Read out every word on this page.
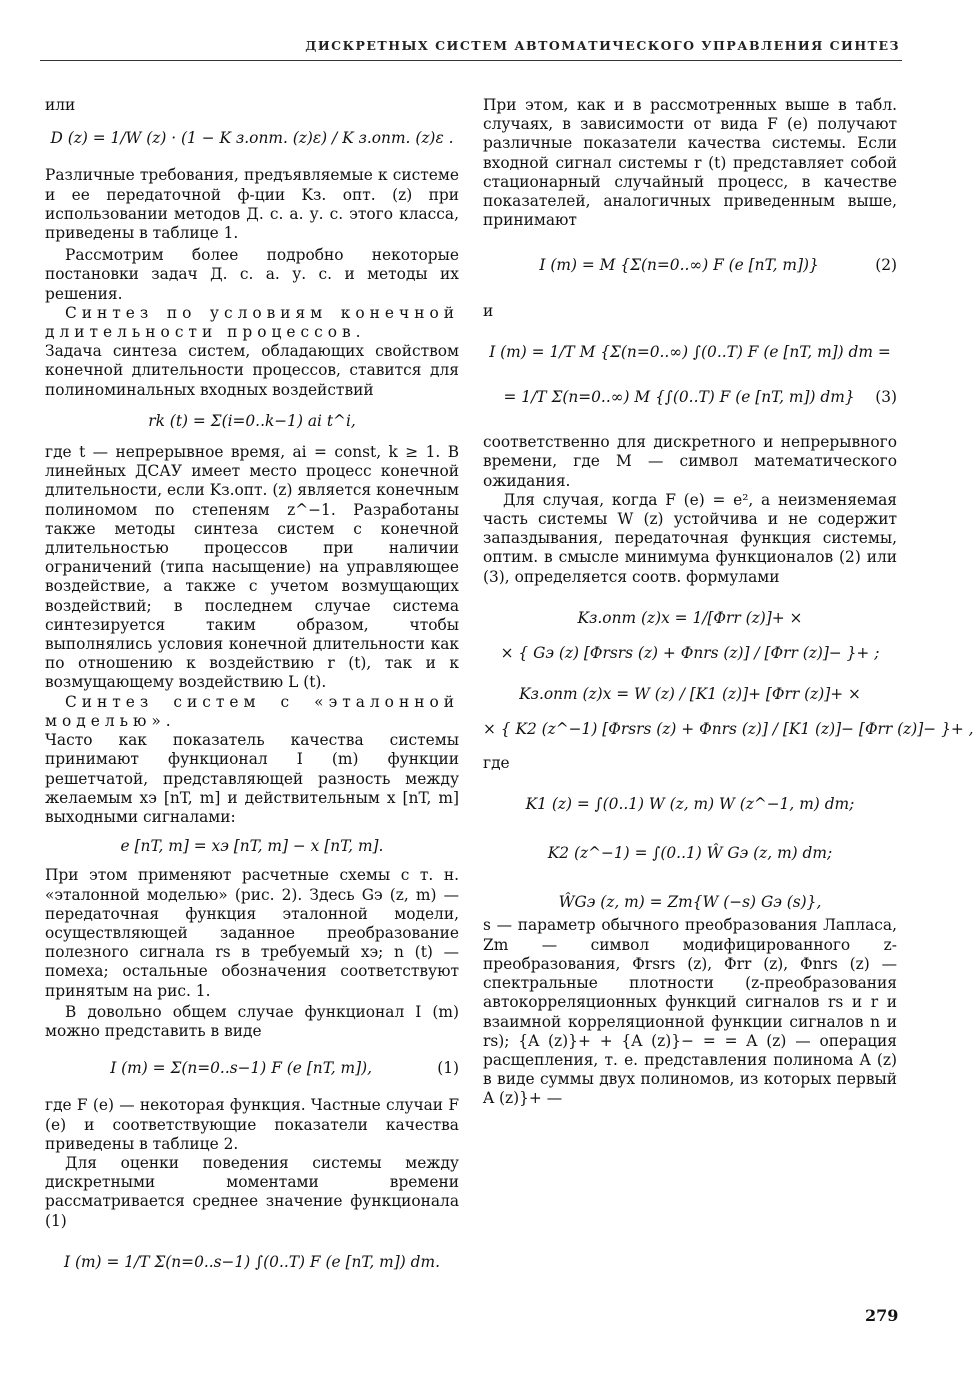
ДИСКРЕТНЫХ СИСТЕМ АВТОМАТИЧЕСКОГО УПРАВЛЕНИЯ СИНТЕЗ

или

D (z) = 1/W (z) · (1 − K з.опт. (z)ε) / K з.опт. (z)ε .

Различные требования, предъявляемые к системе и ее передаточной ф-ции Kз. опт. (z) при использовании методов Д. с. а. у. с. этого класса, приведены в таблице 1.

Рассмотрим более подробно некоторые постановки задач Д. с. а. у. с. и методы их решения.

Синтез по условиям конечной длительности процессов.

Задача синтеза систем, обладающих свойством конечной длительности процессов, ставится для полиноминальных входных воздействий

rk (t) = Σ(i=0..k−1) ai t^i,

где t — непрерывное время, ai = const, k ≥ 1. В линейных ДСАУ имеет место процесс конечной длительности, если Kз.опт. (z) является конечным полиномом по степеням z^−1. Разработаны также методы синтеза систем с конечной длительностью процессов при наличии ограничений (типа насыщение) на управляющее воздействие, а также с учетом возмущающих воздействий; в последнем случае система синтезируется таким образом, чтобы выполнялись условия конечной длительности как по отношению к воздействию r (t), так и к возмущающему воздействию L (t).

Синтез систем с «эталонной моделью».

Часто как показатель качества системы принимают функционал I (m) функции решетчатой, представляющей разность между желаемым xэ [nT, m] и действительным x [nT, m] выходными сигналами:

e [nT, m] = xэ [nT, m] − x [nT, m].

При этом применяют расчетные схемы с т. н. «эталонной моделью» (рис. 2). Здесь Gэ (z, m) — передаточная функция эталонной модели, осуществляющей заданное преобразование полезного сигнала rs в требуемый xэ; n (t) — помеха; остальные обозначения соответствуют принятым на рис. 1.

В довольно общем случае функционал I (m) можно представить в виде

I (m) = Σ(n=0..s−1) F (e [nT, m]),	(1)

где F (e) — некоторая функция. Частные случаи F (e) и соответствующие показатели качества приведены в таблице 2.

Для оценки поведения системы между дискретными моментами времени рассматривается среднее значение функционала (1)

I (m) = 1/T Σ(n=0..s−1) ∫(0..T) F (e [nT, m]) dm.

При этом, как и в рассмотренных выше в табл. случаях, в зависимости от вида F (e) получают различные показатели качества системы. Если входной сигнал системы r (t) представляет собой стационарный случайный процесс, в качестве показателей, аналогичных приведенным выше, принимают

I (m) = M {Σ(n=0..∞) F (e [nT, m])}	(2)

и

I (m) = 1/T M {Σ(n=0..∞) ∫(0..T) F (e [nT, m]) dm =
= 1/T Σ(n=0..∞) M {∫(0..T) F (e [nT, m]) dm} (3)

соответственно для дискретного и непрерывного времени, где M — символ математического ожидания.

Для случая, когда F (e) = e², а неизменяемая часть системы W (z) устойчива и не содержит запаздывания, передаточная функция системы, оптим. в смысле минимума функционалов (2) или (3), определяется соотв. формулами

Kз.опт (z)x = 1/[Φrr (z)]+ ×
× { Gэ (z) [Φrsrs (z) + Φnrs (z)] / [Φrr (z)]− }+ ;
Kз.опт (z)x = W (z) / [K1 (z)]+ [Φrr (z)]+ ×
× { K2 (z^−1) [Φrsrs (z) + Φnrs (z)] / [K1 (z)]− [Φrr (z)]− }+ ,

где

K1 (z) = ∫(0..1) W (z, m) W (z^−1, m) dm;
K2 (z^−1) = ∫(0..1) Ŵ Gэ (z, m) dm;
ŴGэ (z, m) = Zm{W (−s) Gэ (s)},

s — параметр обычного преобразования Лапласа, Zm — символ модифицированного z-преобразования, Φrsrs (z), Φrr (z), Φnrs (z) — спектральные плотности (z-преобразования автокорреляционных функций сигналов rs и r и взаимной корреляционной функции сигналов n и rs); {A (z)}+ + {A (z)}− = = A (z) — операция расщепления, т. е. представления полинома A (z) в виде суммы двух полиномов, из которых первый A (z)}+ —

279
